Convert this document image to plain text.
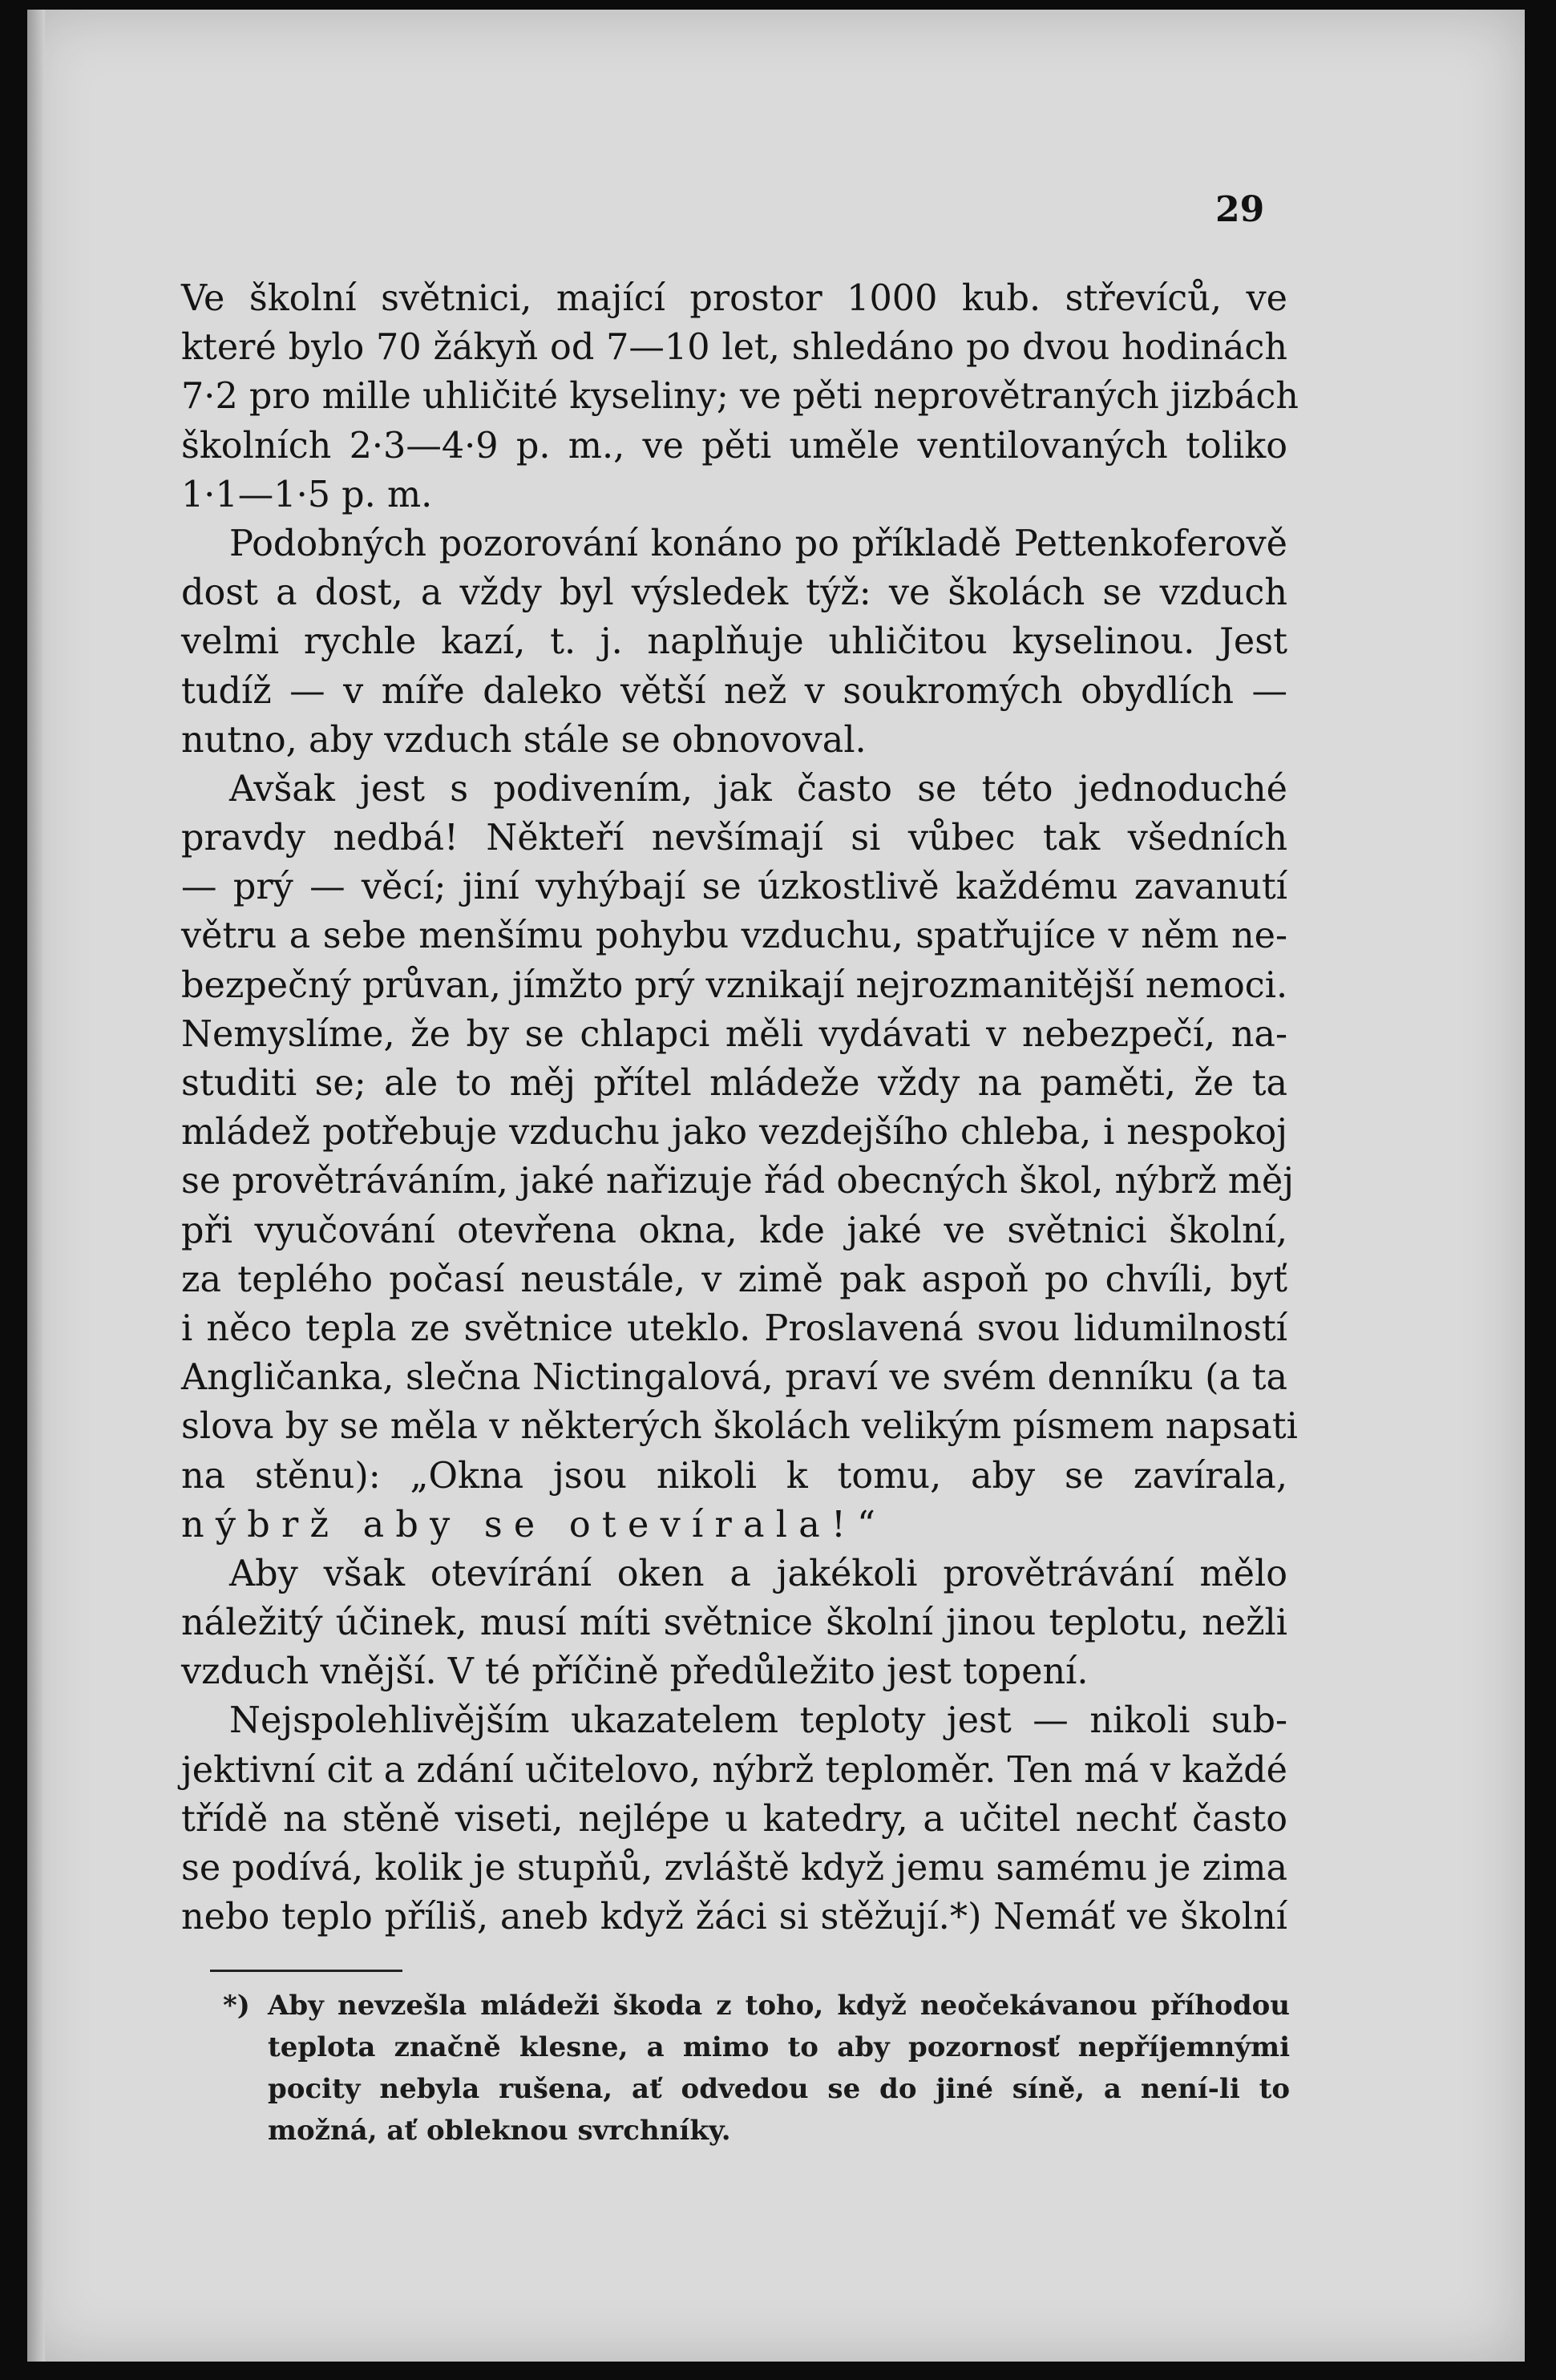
29
Ve školní světnici, mající prostor 1000 kub. střevíců, ve
které bylo 70 žákyň od 7—10 let, shledáno po dvou hodinách
7·2 pro mille uhličité kyseliny; ve pěti neprovětraných jizbách
školních 2·3—4·9 p. m., ve pěti uměle ventilovaných toliko
1·1—1·5 p. m.
Podobných pozorování konáno po příkladě Pettenkoferově
dost a dost, a vždy byl výsledek týž: ve školách se vzduch
velmi rychle kazí, t. j. naplňuje uhličitou kyselinou. Jest
tudíž — v míře daleko větší než v soukromých obydlích —
nutno, aby vzduch stále se obnovoval.
Avšak jest s podivením, jak často se této jednoduché
pravdy nedbá! Někteří nevšímají si vůbec tak všedních
— prý — věcí; jiní vyhýbají se úzkostlivě každému zavanutí
větru a sebe menšímu pohybu vzduchu, spatřujíce v něm ne-
bezpečný průvan, jímžto prý vznikají nejrozmanitější nemoci.
Nemyslíme, že by se chlapci měli vydávati v nebezpečí, na-
studiti se; ale to měj přítel mládeže vždy na paměti, že ta
mládež potřebuje vzduchu jako vezdejšího chleba, i nespokoj
se provětráváním, jaké nařizuje řád obecných škol, nýbrž měj
při vyučování otevřena okna, kde jaké ve světnici školní,
za teplého počasí neustále, v zimě pak aspoň po chvíli, byť
i něco tepla ze světnice uteklo. Proslavená svou lidumilností
Angličanka, slečna Nictingalová, praví ve svém denníku (a ta
slova by se měla v některých školách velikým písmem napsati
na stěnu): „Okna jsou nikoli k tomu, aby se zavírala,
nýbrž aby se otevírala!“
Aby však otevírání oken a jakékoli provětrávání mělo
náležitý účinek, musí míti světnice školní jinou teplotu, nežli
vzduch vnější. V té příčině předůležito jest topení.
Nejspolehlivějším ukazatelem teploty jest — nikoli sub-
jektivní cit a zdání učitelovo, nýbrž teploměr. Ten má v každé
třídě na stěně viseti, nejlépe u katedry, a učitel nechť často
se podívá, kolik je stupňů, zvláště když jemu samému je zima
nebo teplo příliš, aneb když žáci si stěžují.*) Nemáť ve školní
*) Aby nevzešla mládeži škoda z toho, když neočekávanou příhodou
teplota značně klesne, a mimo to aby pozornosť nepříjemnými
pocity nebyla rušena, ať odvedou se do jiné síně, a není-li to
možná, ať obleknou svrchníky.
